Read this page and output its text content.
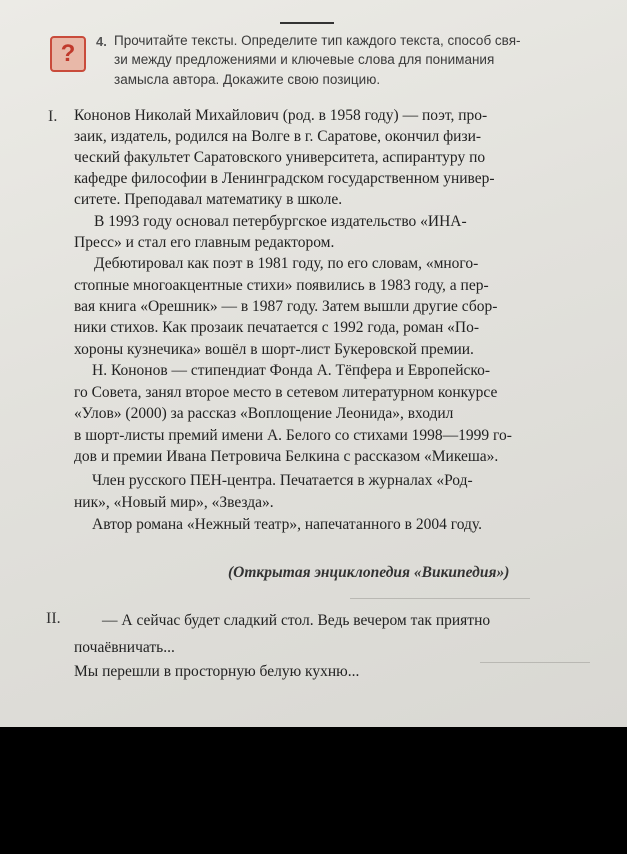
?	4. Прочитайте тексты. Определите тип каждого текста, способ свя-
зи между предложениями и ключевые слова для понимания
замысла автора. Докажите свою позицию.
I. Кононов Николай Михайлович (род. в 1958 году) — поэт, про-
заик, издатель, родился на Волге в г. Саратове, окончил физи-
ческий факультет Саратовского университета, аспирантуру по
кафедре философии в Ленинградском государственном универ-
ситете. Преподавал математику в школе.
В 1993 году основал петербургское издательство «ИНА-
Пресс» и стал его главным редактором.
Дебютировал как поэт в 1981 году, по его словам, «много-
стопные многоакцентные стихи» появились в 1983 году, а пер-
вая книга «Орешник» — в 1987 году. Затем вышли другие сбор-
ники стихов. Как прозаик печатается с 1992 года, роман «По-
хороны кузнечика» вошёл в шорт-лист Букеровской премии.
Н. Кононов — стипендиат Фонда А. Тёпфера и Европейско-
го Совета, занял второе место в сетевом литературном конкурсе
«Улов» (2000) за рассказ «Воплощение Леонида», входил
в шорт-листы премий имени А. Белого со стихами 1998—1999 го-
дов и премии Ивана Петровича Белкина с рассказом «Микеша».
Член русского ПЕН-центра. Печатается в журналах «Род-
ник», «Новый мир», «Звезда».
Автор романа «Нежный театр», напечатанного в 2004 году.
(Открытая энциклопедия «Википедия»)
II.	— А сейчас будет сладкий стол. Ведь вечером так приятно
почаёвничать...
Мы перешли в просторную белую кухню...
